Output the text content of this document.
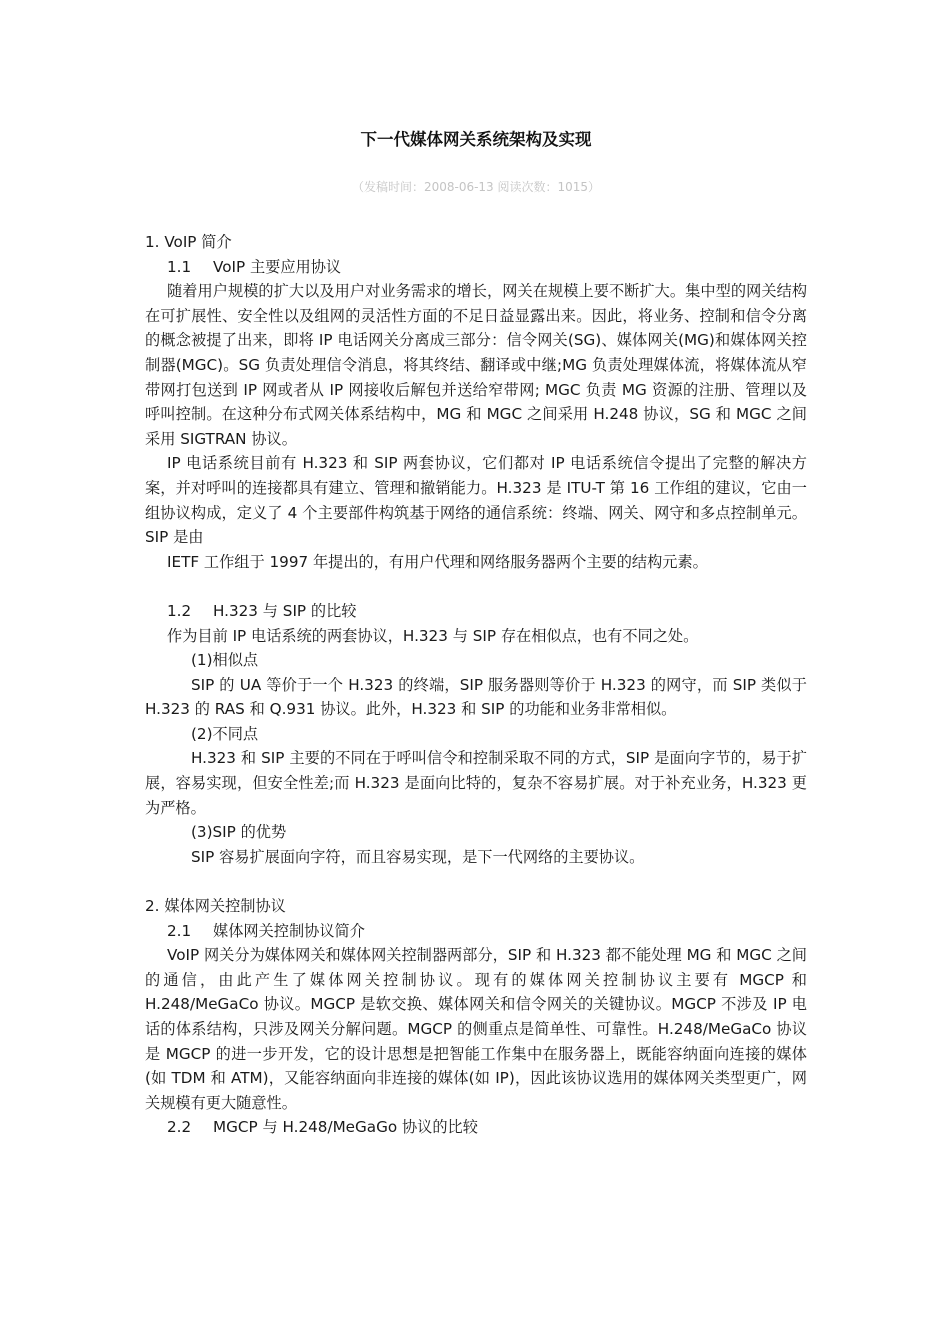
下一代媒体网关系统架构及实现
（发稿时间：2008-06-13 阅读次数：1015）

1. VoIP 简介

1.1 VoIP 主要应用协议

随着用户规模的扩大以及用户对业务需求的增长，网关在规模上要不断扩大。集中型的网关结构在可扩展性、安全性以及组网的灵活性方面的不足日益显露出来。因此，将业务、控制和信令分离的概念被提了出来，即将 IP 电话网关分离成三部分：信令网关(SG)、媒体网关(MG)和媒体网关控制器(MGC)。SG 负责处理信令消息，将其终结、翻译或中继;MG 负责处理媒体流，将媒体流从窄带网打包送到 IP 网或者从 IP 网接收后解包并送给窄带网; MGC 负责 MG 资源的注册、管理以及呼叫控制。在这种分布式网关体系结构中，MG 和 MGC 之间采用 H.248 协议，SG 和 MGC 之间采用 SIGTRAN 协议。

IP 电话系统目前有 H.323 和 SIP 两套协议，它们都对 IP 电话系统信令提出了完整的解决方案，并对呼叫的连接都具有建立、管理和撤销能力。H.323 是 ITU-T 第 16 工作组的建议，它由一组协议构成，定义了 4 个主要部件构筑基于网络的通信系统：终端、网关、网守和多点控制单元。SIP 是由

IETF 工作组于 1997 年提出的，有用户代理和网络服务器两个主要的结构元素。

1.2 H.323 与 SIP 的比较

作为目前 IP 电话系统的两套协议，H.323 与 SIP 存在相似点，也有不同之处。

(1)相似点

SIP 的 UA 等价于一个 H.323 的终端，SIP 服务器则等价于 H.323 的网守，而 SIP 类似于 H.323 的 RAS 和 Q.931 协议。此外，H.323 和 SIP 的功能和业务非常相似。

(2)不同点

H.323 和 SIP 主要的不同在于呼叫信令和控制采取不同的方式，SIP 是面向字节的，易于扩展，容易实现，但安全性差;而 H.323 是面向比特的，复杂不容易扩展。对于补充业务，H.323 更为严格。

(3)SIP 的优势

SIP 容易扩展面向字符，而且容易实现，是下一代网络的主要协议。

2. 媒体网关控制协议

2.1 媒体网关控制协议简介

VoIP 网关分为媒体网关和媒体网关控制器两部分，SIP 和 H.323 都不能处理 MG 和 MGC 之间的通信，由此产生了媒体网关控制协议。现有的媒体网关控制协议主要有 MGCP 和 H.248/MeGaCo 协议。MGCP 是软交换、媒体网关和信令网关的关键协议。MGCP 不涉及 IP 电话的体系结构，只涉及网关分解问题。MGCP 的侧重点是简单性、可靠性。H.248/MeGaCo 协议是 MGCP 的进一步开发，它的设计思想是把智能工作集中在服务器上，既能容纳面向连接的媒体(如 TDM 和 ATM)，又能容纳面向非连接的媒体(如 IP)，因此该协议选用的媒体网关类型更广，网关规模有更大随意性。

2.2 MGCP 与 H.248/MeGaGo 协议的比较
